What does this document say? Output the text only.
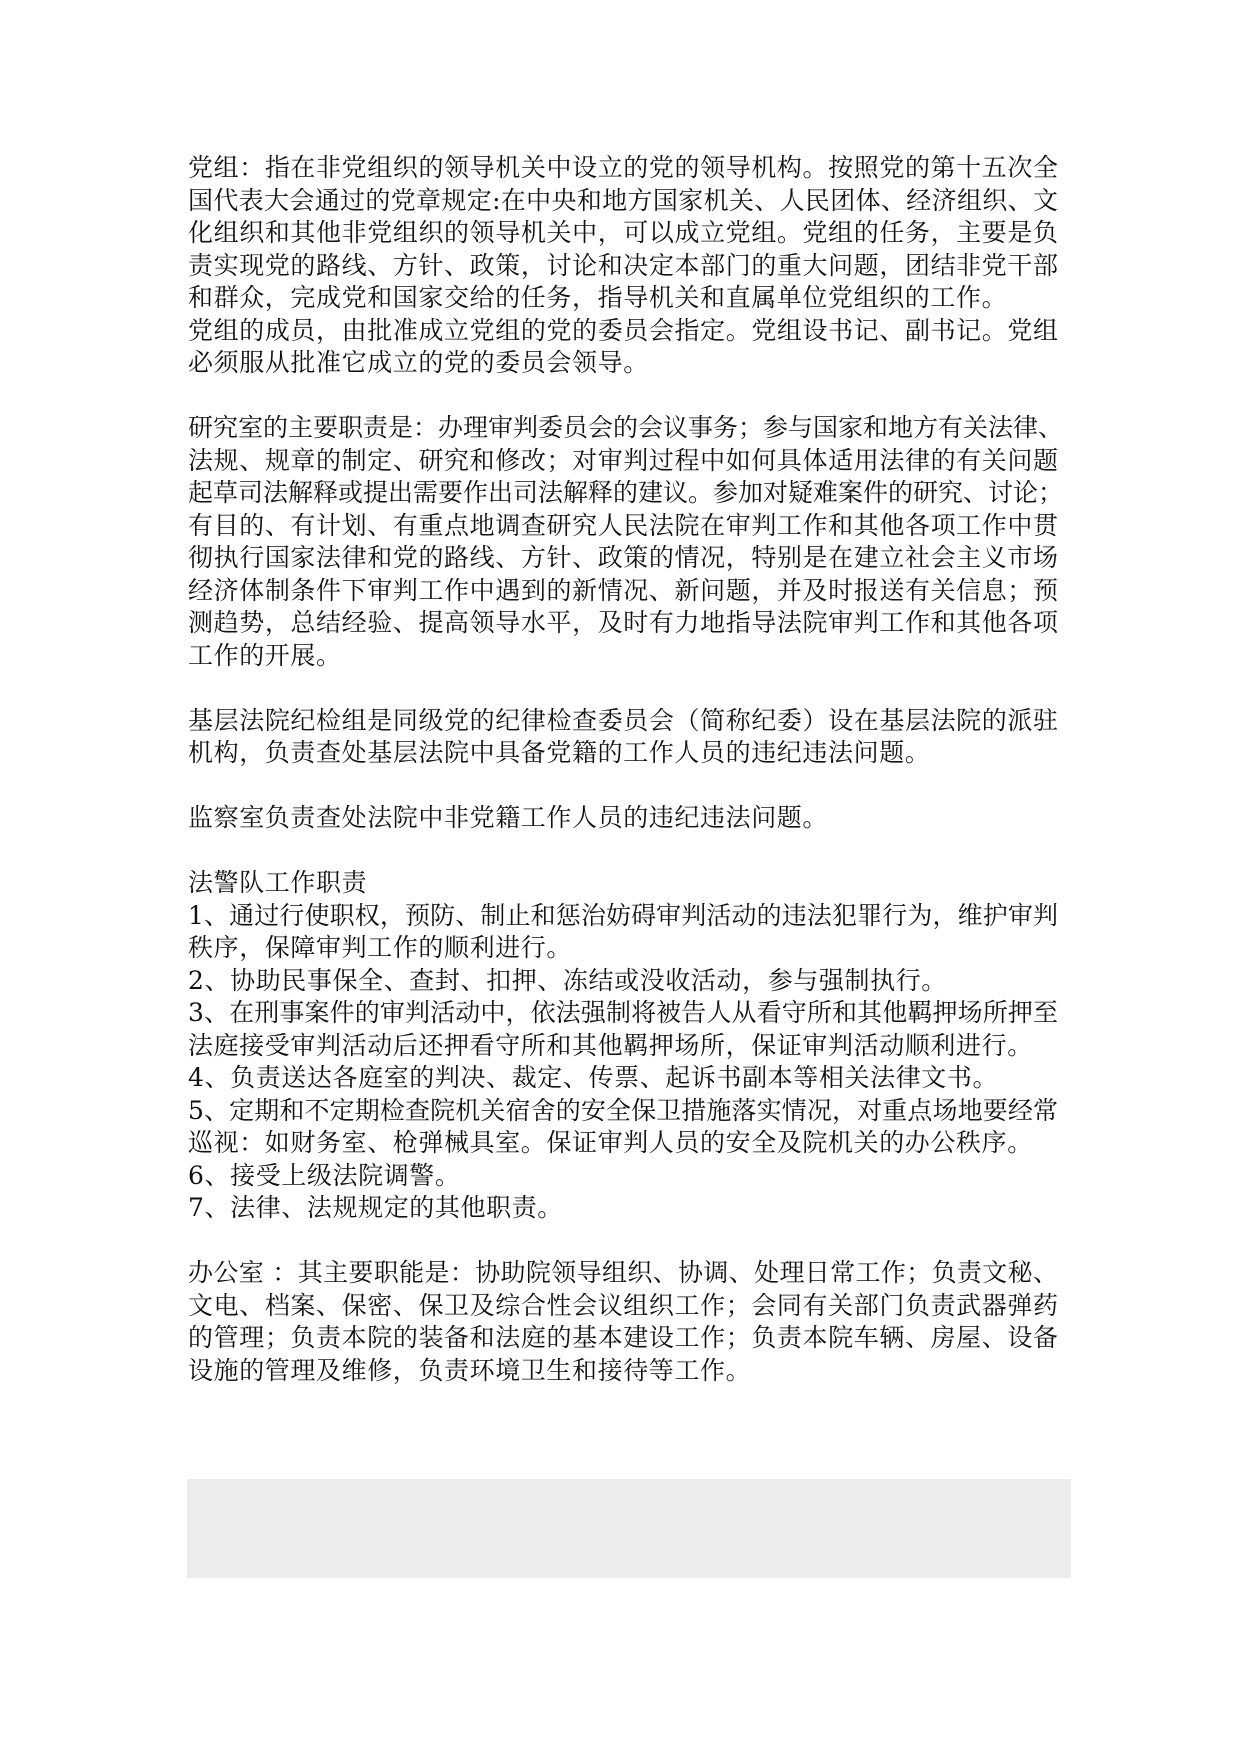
党组：指在非党组织的领导机关中设立的党的领导机构。按照党的第十五次全
国代表大会通过的党章规定:在中央和地方国家机关、人民团体、经济组织、文
化组织和其他非党组织的领导机关中，可以成立党组。党组的任务，主要是负
责实现党的路线、方针、政策，讨论和决定本部门的重大问题，团结非党干部
和群众，完成党和国家交给的任务，指导机关和直属单位党组织的工作。
党组的成员，由批准成立党组的党的委员会指定。党组设书记、副书记。党组
必须服从批准它成立的党的委员会领导。
研究室的主要职责是：办理审判委员会的会议事务；参与国家和地方有关法律、
法规、规章的制定、研究和修改；对审判过程中如何具体适用法律的有关问题
起草司法解释或提出需要作出司法解释的建议。参加对疑难案件的研究、讨论；
有目的、有计划、有重点地调查研究人民法院在审判工作和其他各项工作中贯
彻执行国家法律和党的路线、方针、政策的情况，特别是在建立社会主义市场
经济体制条件下审判工作中遇到的新情况、新问题，并及时报送有关信息；预
测趋势，总结经验、提高领导水平，及时有力地指导法院审判工作和其他各项
工作的开展。
基层法院纪检组是同级党的纪律检查委员会（简称纪委）设在基层法院的派驻
机构，负责查处基层法院中具备党籍的工作人员的违纪违法问题。
监察室负责查处法院中非党籍工作人员的违纪违法问题。
法警队工作职责
1、通过行使职权，预防、制止和惩治妨碍审判活动的违法犯罪行为，维护审判
秩序，保障审判工作的顺利进行。
2、协助民事保全、查封、扣押、冻结或没收活动，参与强制执行。
3、在刑事案件的审判活动中，依法强制将被告人从看守所和其他羁押场所押至
法庭接受审判活动后还押看守所和其他羁押场所，保证审判活动顺利进行。
4、负责送达各庭室的判决、裁定、传票、起诉书副本等相关法律文书。
5、定期和不定期检查院机关宿舍的安全保卫措施落实情况，对重点场地要经常
巡视：如财务室、枪弹械具室。保证审判人员的安全及院机关的办公秩序。
6、接受上级法院调警。
7、法律、法规规定的其他职责。
办公室 ：其主要职能是：协助院领导组织、协调、处理日常工作；负责文秘、
文电、档案、保密、保卫及综合性会议组织工作；会同有关部门负责武器弹药
的管理；负责本院的装备和法庭的基本建设工作；负责本院车辆、房屋、设备
设施的管理及维修，负责环境卫生和接待等工作。
